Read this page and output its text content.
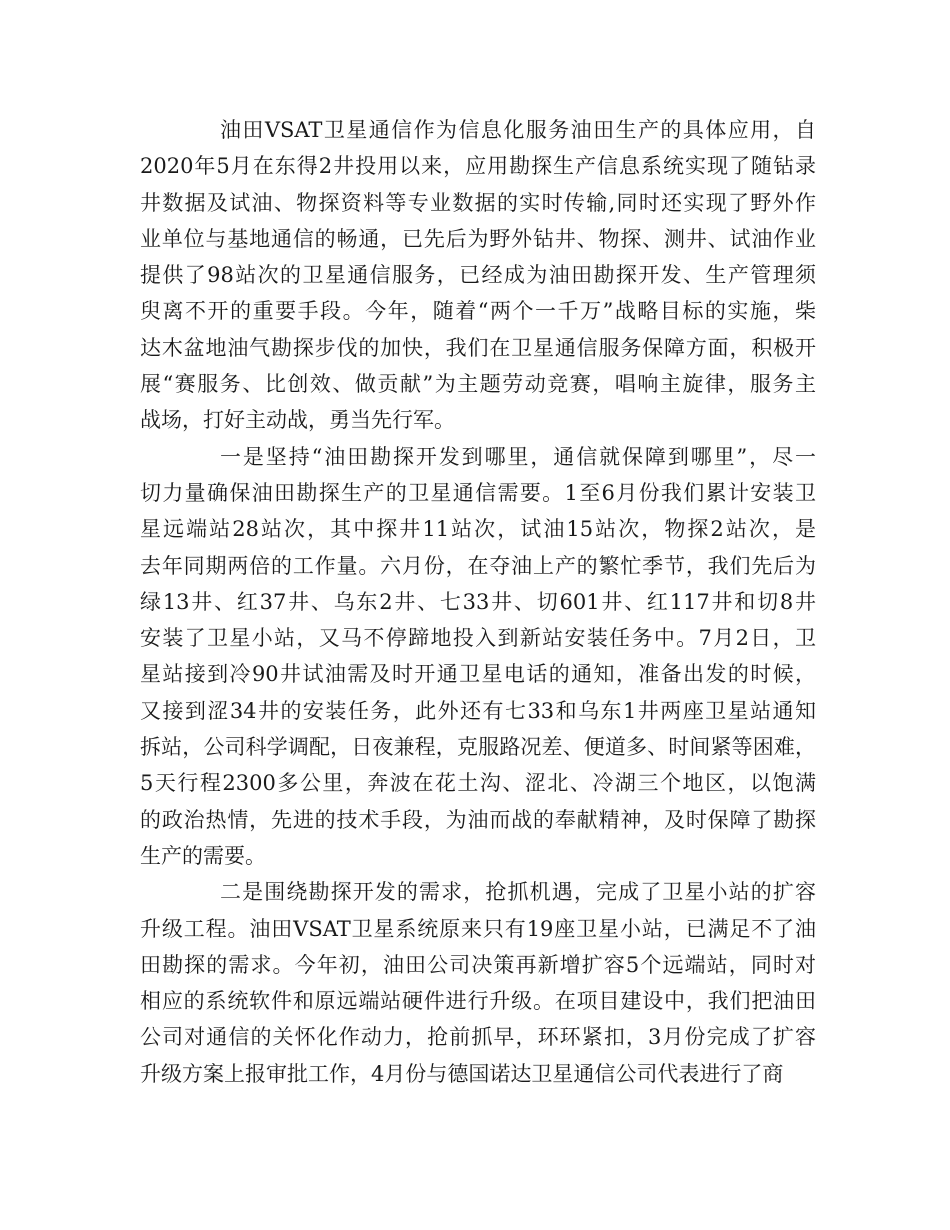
油田VSAT卫星通信作为信息化服务油田生产的具体应用，自
2020年5月在东得2井投用以来，应用勘探生产信息系统实现了随钻录
井数据及试油、物探资料等专业数据的实时传输,同时还实现了野外作
业单位与基地通信的畅通，已先后为野外钻井、物探、测井、试油作业
提供了98站次的卫星通信服务，已经成为油田勘探开发、生产管理须
臾离不开的重要手段。今年，随着“两个一千万”战略目标的实施，柴
达木盆地油气勘探步伐的加快，我们在卫星通信服务保障方面，积极开
展“赛服务、比创效、做贡献”为主题劳动竞赛，唱响主旋律，服务主
战场，打好主动战，勇当先行军。
一是坚持“油田勘探开发到哪里，通信就保障到哪里”，尽一
切力量确保油田勘探生产的卫星通信需要。1至6月份我们累计安装卫
星远端站28站次，其中探井11站次，试油15站次，物探2站次，是
去年同期两倍的工作量。六月份，在夺油上产的繁忙季节，我们先后为
绿13井、红37井、乌东2井、七33井、切601井、红117井和切8井
安装了卫星小站，又马不停蹄地投入到新站安装任务中。7月2日，卫
星站接到冷90井试油需及时开通卫星电话的通知，准备出发的时候，
又接到涩34井的安装任务，此外还有七33和乌东1井两座卫星站通知
拆站，公司科学调配，日夜兼程，克服路况差、便道多、时间紧等困难，
5天行程2300多公里，奔波在花土沟、涩北、冷湖三个地区，以饱满
的政治热情，先进的技术手段，为油而战的奉献精神，及时保障了勘探
生产的需要。
二是围绕勘探开发的需求，抢抓机遇，完成了卫星小站的扩容
升级工程。油田VSAT卫星系统原来只有19座卫星小站，已满足不了油
田勘探的需求。今年初，油田公司决策再新增扩容5个远端站，同时对
相应的系统软件和原远端站硬件进行升级。在项目建设中，我们把油田
公司对通信的关怀化作动力，抢前抓早，环环紧扣，3月份完成了扩容
升级方案上报审批工作，4月份与德国诺达卫星通信公司代表进行了商
